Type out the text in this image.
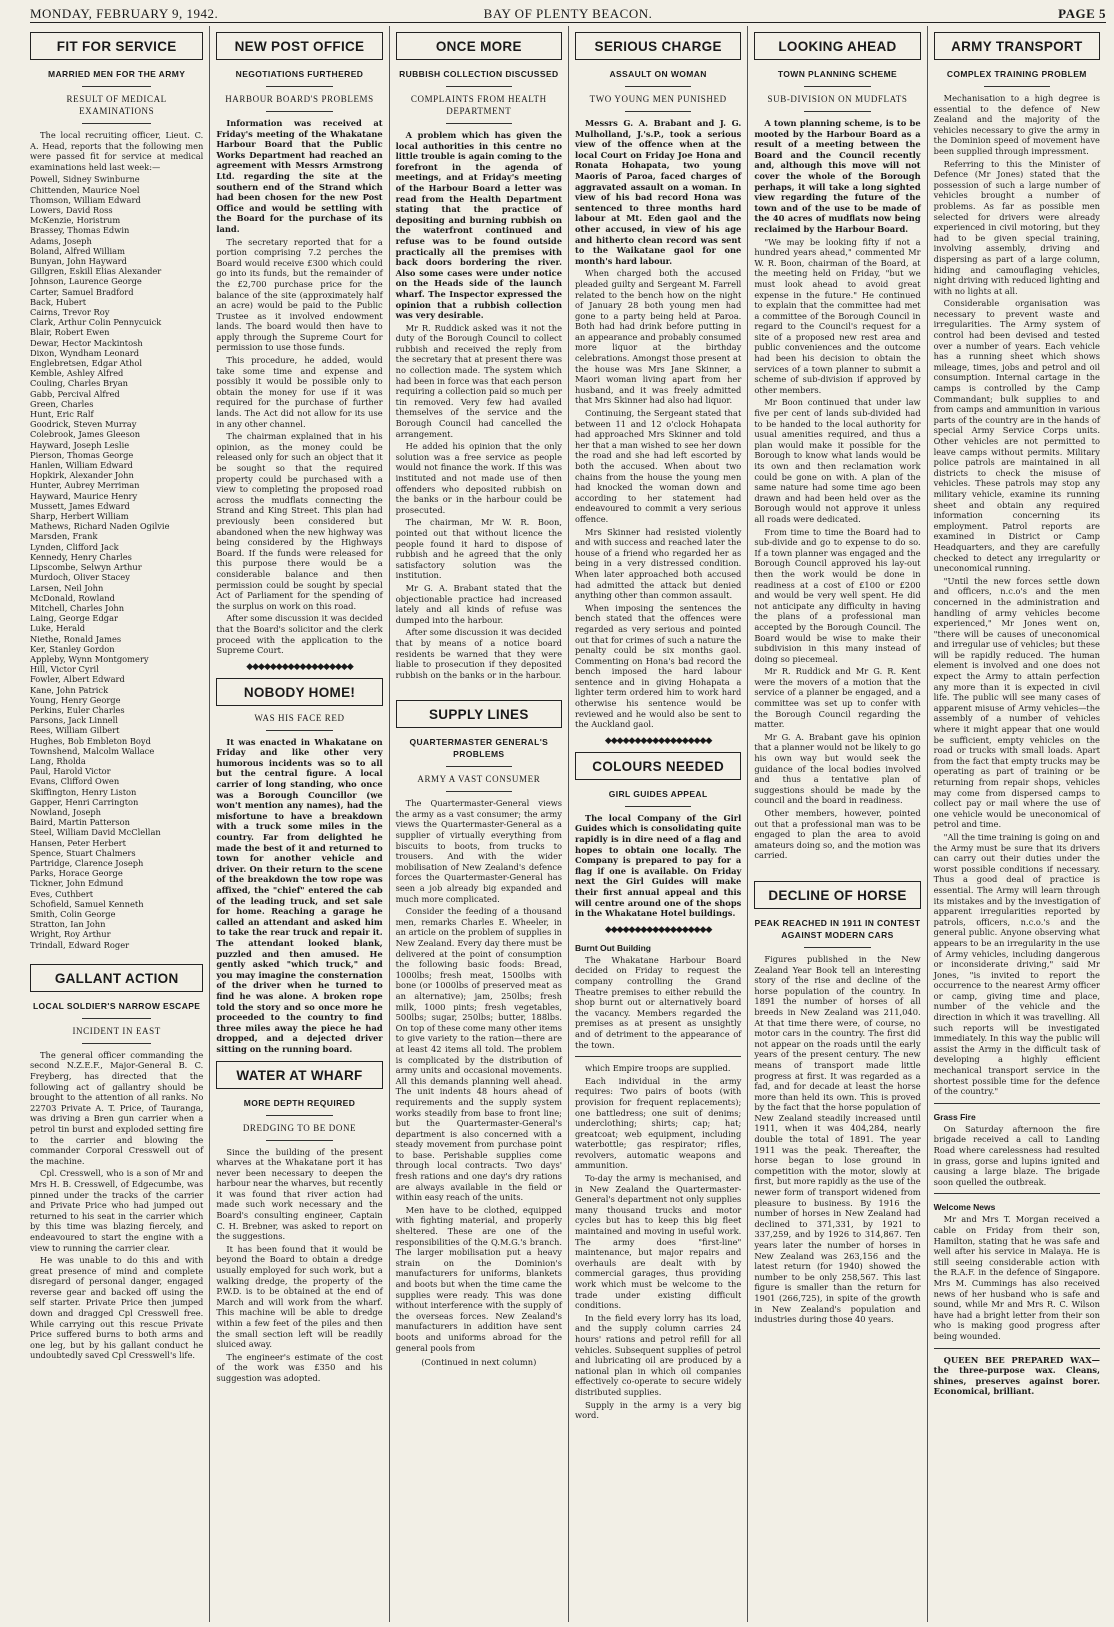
MONDAY, FEBRUARY 9, 1942.	BAY OF PLENTY BEACON.	PAGE 5
FIT FOR SERVICE
MARRIED MEN FOR THE ARMY
RESULT OF MEDICAL EXAMINATIONS

The local recruiting officer, Lieut. C. A. Head, reports that the following men were passed fit for service at medical examinations held last week:—

Powell, Sidney Swinburne
Chittenden, Maurice Noel
Thomson, William Edward
Lowers, David Ross
McKenzie, Horistrum
Brassey, Thomas Edwin
Adams, Joseph
Boland, Alfred William
Bunyan, John Hayward
Gillgren, Eskill Elias Alexander
Johnson, Laurence George
Carter, Samuel Bradford
Back, Hubert
Cairns, Trevor Roy
Clark, Arthur Colin Pennycuick
Blair, Robert Ewen
Dewar, Hector Mackintosh
Dixon, Wyndham Leonard
Englebretsen, Edgar Athol
Kemble, Ashley Alfred
Couling, Charles Bryan
Gabb, Percival Alfred
Green, Charles
Hunt, Eric Ralf
Goodrick, Steven Murray
Colebrook, James Gleeson
Hayward, Joseph Leslie
Pierson, Thomas George
Hanlen, William Edward
Hopkirk, Alexander John
Hunter, Aubrey Merriman
Hayward, Maurice Henry
Mussett, James Edward
Sharp, Herbert William
Mathews, Richard Naden Ogilvie
Marsden, Frank
Lynden, Clifford Jack
Kennedy, Henry Charles
Lipscombe, Selwyn Arthur
Murdoch, Oliver Stacey
Larsen, Neil John
McDonald, Rowland
Mitchell, Charles John
Laing, George Edgar
Luke, Herald
Niethe, Ronald James
Ker, Stanley Gordon
Appleby, Wynn Montgomery
Hill, Victor Cyril
Fowler, Albert Edward
Kane, John Patrick
Young, Henry George
Perkins, Euler Charles
Parsons, Jack Linnell
Rees, William Gilbert
Hughes, Bob Embleton Boyd
Townshend, Malcolm Wallace
Lang, Rholda
Paul, Harold Victor
Evans, Clifford Owen
Skiffington, Henry Liston
Gapper, Henri Carrington
Nowland, Joseph
Baird, Martin Patterson
Steel, William David McClellan
Hansen, Peter Herbert
Spence, Stuart Chalmers
Partridge, Clarence Joseph
Parks, Horace George
Tickner, John Edmund
Eves, Cuthbert
Schofield, Samuel Kenneth
Smith, Colin George
Stratton, Ian John
Wright, Roy Arthur
Trindall, Edward Roger
GALLANT ACTION
LOCAL SOLDIER'S NARROW ESCAPE
INCIDENT IN EAST

The general officer commanding the second N.Z.E.F., Major-General B. C. Freyberg, has directed that the following act of gallantry should be brought to the attention of all ranks. No 22703 Private A. T. Price, of Tauranga, was driving a Bren gun carrier when a petrol tin burst and exploded setting fire to the carrier and blowing the commander Corporal Cresswell out of the machine.

Cpl. Cresswell, who is a son of Mr and Mrs H. B. Cresswell, of Edgecumbe, was pinned under the tracks of the carrier and Private Price who had jumped out returned to his seat in the carrier which by this time was blazing fiercely, and endeavoured to start the engine with a view to running the carrier clear.

He was unable to do this and with great presence of mind and complete disregard of personal danger, engaged reverse gear and backed off using the self starter. Private Price then jumped down and dragged Cpl Cresswell free. While carrying out this rescue Private Price suffered burns to both arms and one leg, but by his gallant conduct he undoubtedly saved Cpl Cresswell's life.

NEW POST OFFICE
NEGOTIATIONS FURTHERED
HARBOUR BOARD'S PROBLEMS

Information was received at Friday's meeting of the Whakatane Harbour Board that the Public Works Department had reached an agreement with Messrs Armstrong Ltd. regarding the site at the southern end of the Strand which had been chosen for the new Post Office and would be settling with the Board for the purchase of its land.

The secretary reported that for a portion comprising 7.2 perches the Board would receive £300 which could go into its funds, but the remainder of the £2,700 purchase price for the balance of the site (approximately half an acre) would be paid to the Public Trustee as it involved endowment lands. The board would then have to apply through the Supreme Court for permission to use those funds.

This procedure, he added, would take some time and expense and possibly it would be possible only to obtain the money for use if it was required for the purchase of further lands. The Act did not allow for its use in any other channel.

The chairman explained that in his opinion, as the money could be released only for such an object that it be sought so that the required property could be purchased with a view to completing the proposed road across the mudflats connecting the Strand and King Street. This plan had previously been considered but abandoned when the new highway was being considered by the Highways Board. If the funds were released for this purpose there would be a considerable balance and then permission could be sought by special Act of Parliament for the spending of the surplus on work on this road.

After some discussion it was decided that the Board's solicitor and the clerk proceed with the application to the Supreme Court.

◆◆◆◆◆◆◆◆◆◆◆◆◆◆◆◆◆◆
NOBODY HOME!
WAS HIS FACE RED

It was enacted in Whakatane on Friday and like other very humorous incidents was so to all but the central figure. A local carrier of long standing, who once was a Borough Councillor (we won't mention any names), had the misfortune to have a breakdown with a truck some miles in the country. Far from delighted he made the best of it and returned to town for another vehicle and driver. On their return to the scene of the breakdown the tow rope was affixed, the "chief" entered the cab of the leading truck, and set sale for home. Reaching a garage he called an attendant and asked him to take the rear truck and repair it. The attendant looked blank, puzzled and then amused. He gently asked "which truck," and you may imagine the consternation of the driver when he turned to find he was alone. A broken rope told the story and so once more he proceeded to the country to find three miles away the piece he had dropped, and a dejected driver sitting on the running board.

WATER AT WHARF
MORE DEPTH REQUIRED
DREDGING TO BE DONE

Since the building of the present wharves at the Whakatane port it has never been necessary to deepen the harbour near the wharves, but recently it was found that river action had made such work necessary and the Board's consulting engineer, Captain C. H. Brebner, was asked to report on the suggestions.

It has been found that it would be beyond the Board to obtain a dredge usually employed for such work, but a walking dredge, the property of the P.W.D. is to be obtained at the end of March and will work from the wharf. This machine will be able to dredge within a few feet of the piles and then the small section left will be readily sluiced away.

The engineer's estimate of the cost of the work was £350 and his suggestion was adopted.

ONCE MORE
RUBBISH COLLECTION DISCUSSED
COMPLAINTS FROM HEALTH DEPARTMENT

A problem which has given the local authorities in this centre no little trouble is again coming to the forefront in the agenda of meetings, and at Friday's meeting of the Harbour Board a letter was read from the Health Department stating that the practice of depositing and burning rubbish on the waterfront continued and refuse was to be found outside practically all the premises with back doors bordering the river. Also some cases were under notice on the Heads side of the launch wharf. The Inspector expressed the opinion that a rubbish collection was very desirable.

Mr R. Ruddick asked was it not the duty of the Borough Council to collect rubbish and received the reply from the secretary that at present there was no collection made. The system which had been in force was that each person requiring a collection paid so much per tin removed. Very few had availed themselves of the service and the Borough Council had cancelled the arrangement.

He added his opinion that the only solution was a free service as people would not finance the work. If this was instituted and not made use of then offenders who deposited rubbish on the banks or in the harbour could be prosecuted.

The chairman, Mr W. R. Boon, pointed out that without licence the people found it hard to dispose of rubbish and he agreed that the only satisfactory solution was the institution.

Mr G. A. Brabant stated that the objectionable practice had increased lately and all kinds of refuse was dumped into the harbour.

After some discussion it was decided that by means of a notice board residents be warned that they were liable to prosecution if they deposited rubbish on the banks or in the harbour.

SUPPLY LINES
QUARTERMASTER GENERAL'S PROBLEMS
ARMY A VAST CONSUMER

The Quartermaster-General views the army as a vast consumer; the army views the Quartermaster-General as a supplier of virtually everything from biscuits to boots, from trucks to trousers. And with the wider mobilisation of New Zealand's defence forces the Quartermaster-General has seen a job already big expanded and much more complicated.

Consider the feeding of a thousand men, remarks Charles E. Wheeler, in an article on the problem of supplies in New Zealand. Every day there must be delivered at the point of consumption the following basic foods: Bread, 1000lbs; fresh meat, 1500lbs with bone (or 1000lbs of preserved meat as an alternative); jam, 250lbs; fresh milk, 1000 pints; fresh vegetables, 500lbs; sugar, 250lbs; butter, 188lbs. On top of these come many other items to give variety to the ration—there are at least 42 items all told. The problem is complicated by the distribution of army units and occasional movements. All this demands planning well ahead. The unit indents 48 hours ahead of requirements and the supply system works steadily from base to front line; but the Quartermaster-General's department is also concerned with a steady movement from purchase point to base. Perishable supplies come through local contracts. Two days' fresh rations and one day's dry rations are always available in the field or within easy reach of the units.

Men have to be clothed, equipped with fighting material, and properly sheltered. These are one of the responsibilities of the Q.M.G.'s branch. The larger mobilisation put a heavy strain on the Dominion's manufacturers for uniforms, blankets and boots but when the time came the supplies were ready. This was done without interference with the supply of the overseas forces. New Zealand's manufacturers in addition have sent boots and uniforms abroad for the general pools from

(Continued in next column)
SERIOUS CHARGE
ASSAULT ON WOMAN
TWO YOUNG MEN PUNISHED

Messrs G. A. Brabant and J. G. Mulholland, J.'s.P., took a serious view of the offence when at the local Court on Friday Joe Hona and Ronata Hohapata, two young Maoris of Paroa, faced charges of aggravated assault on a woman. In view of his bad record Hona was sentenced to three months hard labour at Mt. Eden gaol and the other accused, in view of his age and hitherto clean record was sent to the Waikatane gaol for one month's hard labour.

When charged both the accused pleaded guilty and Sergeant M. Farrell related to the bench how on the night of January 28 both young men had gone to a party being held at Paroa. Both had had drink before putting in an appearance and probably consumed more liquor at the birthday celebrations. Amongst those present at the house was Mrs Jane Skinner, a Maori woman living apart from her husband, and it was freely admitted that Mrs Skinner had also had liquor.

Continuing, the Sergeant stated that between 11 and 12 o'clock Hohapata had approached Mrs Skinner and told her that a man wished to see her down the road and she had left escorted by both the accused. When about two chains from the house the young men had knocked the woman down and according to her statement had endeavoured to commit a very serious offence.

Mrs Skinner had resisted violently and with success and reached later the house of a friend who regarded her as being in a very distressed condition. When later approached both accused had admitted the attack but denied anything other than common assault.

When imposing the sentences the bench stated that the offences were regarded as very serious and pointed out that for crimes of such a nature the penalty could be six months gaol. Commenting on Hona's bad record the bench imposed the hard labour sentence and in giving Hohapata a lighter term ordered him to work hard otherwise his sentence would be reviewed and he would also be sent to the Auckland gaol.

◆◆◆◆◆◆◆◆◆◆◆◆◆◆◆◆◆◆
COLOURS NEEDED
GIRL GUIDES APPEAL

The local Company of the Girl Guides which is consolidating quite rapidly is in dire need of a flag and hopes to obtain one locally. The Company is prepared to pay for a flag if one is available. On Friday next the Girl Guides will make their first annual appeal and this will centre around one of the shops in the Whakatane Hotel buildings.

◆◆◆◆◆◆◆◆◆◆◆◆◆◆◆◆◆◆
Burnt Out Building

The Whakatane Harbour Board decided on Friday to request the company controlling the Grand Theatre premises to either rebuild the shop burnt out or alternatively board the vacancy. Members regarded the premises as at present as unsightly and of detriment to the appearance of the town.

which Empire troops are supplied.

Each individual in the army requires: Two pairs of boots (with provision for frequent replacements); one battledress; one suit of denims; underclothing; shirts; cap; hat; greatcoat; web equipment, including waterbottle; gas respirator; rifles, revolvers, automatic weapons and ammunition.

To-day the army is mechanised, and in New Zealand the Quartermaster-General's department not only supplies many thousand trucks and motor cycles but has to keep this big fleet maintained and moving in useful work. The army does "first-line" maintenance, but major repairs and overhauls are dealt with by commercial garages, thus providing work which must be welcome to the trade under existing difficult conditions.

In the field every lorry has its load, and the supply column carries 24 hours' rations and petrol refill for all vehicles. Subsequent supplies of petrol and lubricating oil are produced by a national plan in which oil companies effectively co-operate to secure widely distributed supplies.

Supply in the army is a very big word.

LOOKING AHEAD
TOWN PLANNING SCHEME
SUB-DIVISION ON MUDFLATS

A town planning scheme, is to be mooted by the Harbour Board as a result of a meeting between the Board and the Council recently and, although this move will not cover the whole of the Borough perhaps, it will take a long sighted view regarding the future of the town and of the use to be made of the 40 acres of mudflats now being reclaimed by the Harbour Board.

"We may be looking fifty if not a hundred years ahead," commented Mr W. R. Boon, chairman of the Board, at the meeting held on Friday, "but we must look ahead to avoid great expense in the future." He continued to explain that the committee had met a committee of the Borough Council in regard to the Council's request for a site of a proposed new rest area and public conveniences and the outcome had been his decision to obtain the services of a town planner to submit a scheme of sub-division if approved by other members.

Mr Boon continued that under law five per cent of lands sub-divided had to be handed to the local authority for usual amenities required, and thus a plan would make it possible for the Borough to know what lands would be its own and then reclamation work could be gone on with. A plan of the same nature had some time ago been drawn and had been held over as the Borough would not approve it unless all roads were dedicated.

From time to time the Board had to sub-divide and go to expense to do so. If a town planner was engaged and the Borough Council approved his lay-out then the work would be done in readiness at a cost of £100 or £200 and would be very well spent. He did not anticipate any difficulty in having the plans of a professional man accepted by the Borough Council. The Board would be wise to make their subdivision in this many instead of doing so piecemeal.

Mr R. Ruddick and Mr G. R. Kent were the movers of a motion that the service of a planner be engaged, and a committee was set up to confer with the Borough Council regarding the matter.

Mr G. A. Brabant gave his opinion that a planner would not be likely to go his own way but would seek the guidance of the local bodies involved and thus a tentative plan of suggestions should be made by the council and the board in readiness.

Other members, however, pointed out that a professional man was to be engaged to plan the area to avoid amateurs doing so, and the motion was carried.

DECLINE OF HORSE
PEAK REACHED IN 1911 IN CONTEST AGAINST MODERN CARS

Figures published in the New Zealand Year Book tell an interesting story of the rise and decline of the horse population of the country. In 1891 the number of horses of all breeds in New Zealand was 211,040. At that time there were, of course, no motor cars in the country. The first did not appear on the roads until the early years of the present century. The new means of transport made little progress at first. It was regarded as a fad, and for decade at least the horse more than held its own. This is proved by the fact that the horse population of New Zealand steadily increased until 1911, when it was 404,284, nearly double the total of 1891. The year 1911 was the peak. Thereafter, the horse began to lose ground in competition with the motor, slowly at first, but more rapidly as the use of the newer form of transport widened from pleasure to business. By 1916 the number of horses in New Zealand had declined to 371,331, by 1921 to 337,259, and by 1926 to 314,867. Ten years later the number of horses in New Zealand was 263,156 and the latest return (for 1940) showed the number to be only 258,567. This last figure is smaller than the return for 1901 (266,725), in spite of the growth in New Zealand's population and industries during those 40 years.

ARMY TRANSPORT
COMPLEX TRAINING PROBLEM

Mechanisation to a high degree is essential to the defence of New Zealand and the majority of the vehicles necessary to give the army in the Dominion speed of movement have been supplied through impressment.

Referring to this the Minister of Defence (Mr Jones) stated that the possession of such a large number of vehicles brought a number of problems. As far as possible men selected for drivers were already experienced in civil motoring, but they had to be given special training, involving assembly, driving and dispersing as part of a large column, hiding and camouflaging vehicles, night driving with reduced lighting and with no lights at all.

Considerable organisation was necessary to prevent waste and irregularities. The Army system of control had been devised and tested over a number of years. Each vehicle has a running sheet which shows mileage, times, jobs and petrol and oil consumption. Internal cartage in the camps is controlled by the Camp Commandant; bulk supplies to and from camps and ammunition in various parts of the country are in the hands of special Army Service Corps units. Other vehicles are not permitted to leave camps without permits. Military police patrols are maintained in all districts to check the misuse of vehicles. These patrols may stop any military vehicle, examine its running sheet and obtain any required information concerning its employment. Patrol reports are examined in District or Camp Headquarters, and they are carefully checked to detect any irregularity or uneconomical running.

"Until the new forces settle down and officers, n.c.o's and the men concerned in the administration and handling of army vehicles become experienced," Mr Jones went on, "there will be causes of uneconomical and irregular use of vehicles; but these will be rapidly reduced. The human element is involved and one does not expect the Army to attain perfection any more than it is expected in civil life. The public will see many cases of apparent misuse of Army vehicles—the assembly of a number of vehicles where it might appear that one would be sufficient, empty vehicles on the road or trucks with small loads. Apart from the fact that empty trucks may be operating as part of training or be returning from repair shops, vehicles may come from dispersed camps to collect pay or mail where the use of one vehicle would be uneconomical of petrol and time.

"All the time training is going on and the Army must be sure that its drivers can carry out their duties under the worst possible conditions if necessary. Thus a good deal of practice is essential. The Army will learn through its mistakes and by the investigation of apparent irregularities reported by patrols, officers, n.c.o.'s and the general public. Anyone observing what appears to be an irregularity in the use of Army vehicles, including dangerous or inconsiderate driving," said Mr Jones, "is invited to report the occurrence to the nearest Army officer or camp, giving time and place, number of the vehicle and the direction in which it was travelling. All such reports will be investigated immediately. In this way the public will assist the Army in the difficult task of developing a highly efficient mechanical transport service in the shortest possible time for the defence of the country."

Grass Fire

On Saturday afternoon the fire brigade received a call to Landing Road where carelessness had resulted in grass, gorse and lupins ignited and causing a large blaze. The brigade soon quelled the outbreak.

Welcome News

Mr and Mrs T. Morgan received a cable on Friday from their son, Hamilton, stating that he was safe and well after his service in Malaya. He is still seeing considerable action with the R.A.F. in the defence of Singapore. Mrs M. Cummings has also received news of her husband who is safe and sound, while Mr and Mrs R. C. Wilson have had a bright letter from their son who is making good progress after being wounded.

QUEEN BEE PREPARED WAX—the three-purpose wax. Cleans, shines, preserves against borer. Economical, brilliant.
